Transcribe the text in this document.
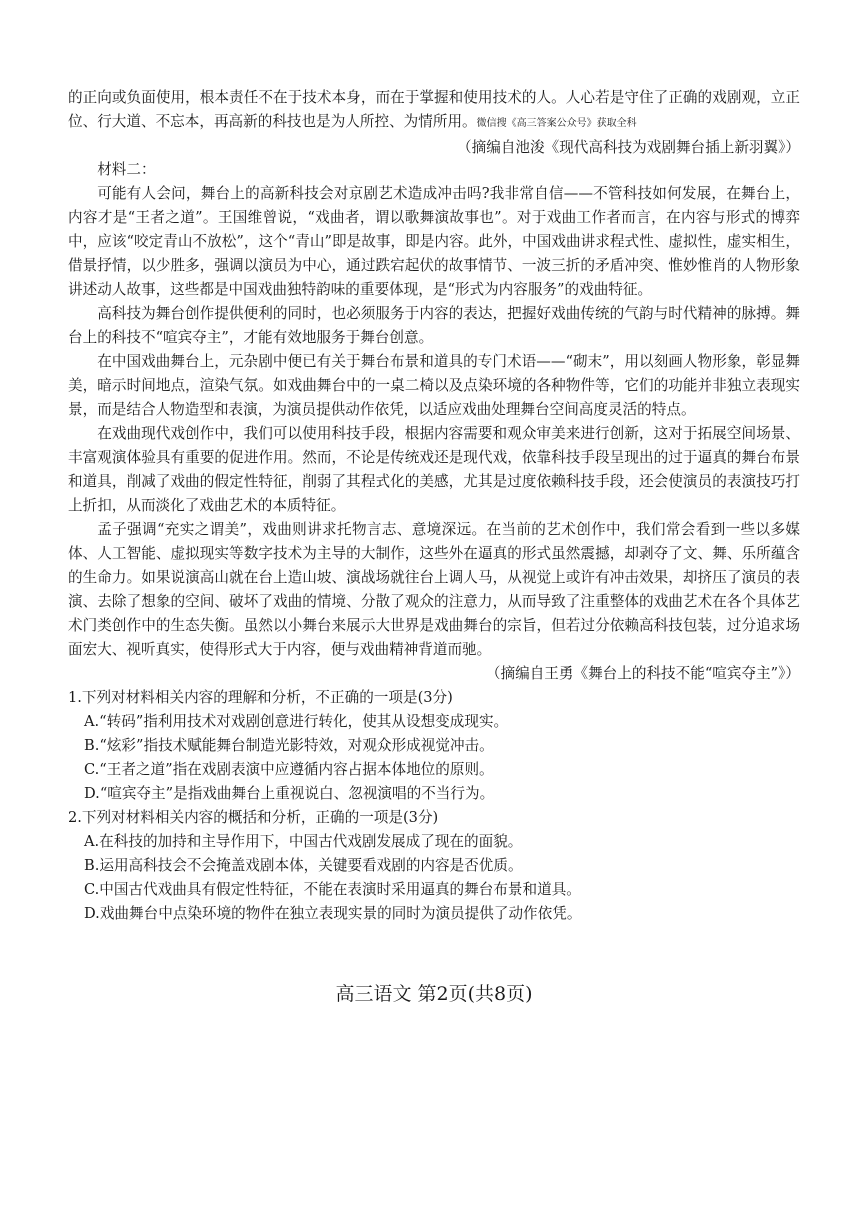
的正向或负面使用，根本责任不在于技术本身，而在于掌握和使用技术的人。人心若是守住了正确的戏剧观，立正位、行大道、不忘本，再高新的科技也是为人所控、为情所用。微信搜《高三答案公众号》获取全科

（摘编自池浚《现代高科技为戏剧舞台插上新羽翼》）

材料二：

可能有人会问，舞台上的高新科技会对京剧艺术造成冲击吗?我非常自信——不管科技如何发展，在舞台上，内容才是“王者之道”。王国维曾说，“戏曲者，谓以歌舞演故事也”。对于戏曲工作者而言，在内容与形式的博弈中，应该“咬定青山不放松”，这个“青山”即是故事，即是内容。此外，中国戏曲讲求程式性、虚拟性，虚实相生，借景抒情，以少胜多，强调以演员为中心，通过跌宕起伏的故事情节、一波三折的矛盾冲突、惟妙惟肖的人物形象讲述动人故事，这些都是中国戏曲独特韵味的重要体现，是“形式为内容服务”的戏曲特征。

高科技为舞台创作提供便利的同时，也必须服务于内容的表达，把握好戏曲传统的气韵与时代精神的脉搏。舞台上的科技不“喧宾夺主”，才能有效地服务于舞台创意。

在中国戏曲舞台上，元杂剧中便已有关于舞台布景和道具的专门术语——“砌末”，用以刻画人物形象，彰显舞美，暗示时间地点，渲染气氛。如戏曲舞台中的一桌二椅以及点染环境的各种物件等，它们的功能并非独立表现实景，而是结合人物造型和表演，为演员提供动作依凭，以适应戏曲处理舞台空间高度灵活的特点。

在戏曲现代戏创作中，我们可以使用科技手段，根据内容需要和观众审美来进行创新，这对于拓展空间场景、丰富观演体验具有重要的促进作用。然而，不论是传统戏还是现代戏，依靠科技手段呈现出的过于逼真的舞台布景和道具，削减了戏曲的假定性特征，削弱了其程式化的美感，尤其是过度依赖科技手段，还会使演员的表演技巧打上折扣，从而淡化了戏曲艺术的本质特征。

孟子强调“充实之谓美”，戏曲则讲求托物言志、意境深远。在当前的艺术创作中，我们常会看到一些以多媒体、人工智能、虚拟现实等数字技术为主导的大制作，这些外在逼真的形式虽然震撼，却剥夺了文、舞、乐所蕴含的生命力。如果说演高山就在台上造山坡、演战场就往台上调人马，从视觉上或许有冲击效果，却挤压了演员的表演、去除了想象的空间、破坏了戏曲的情境、分散了观众的注意力，从而导致了注重整体的戏曲艺术在各个具体艺术门类创作中的生态失衡。虽然以小舞台来展示大世界是戏曲舞台的宗旨，但若过分依赖高科技包装，过分追求场面宏大、视听真实，使得形式大于内容，便与戏曲精神背道而驰。

（摘编自王勇《舞台上的科技不能“喧宾夺主”》）

1.下列对材料相关内容的理解和分析，不正确的一项是(3分)

A.“转码”指利用技术对戏剧创意进行转化，使其从设想变成现实。

B.“炫彩”指技术赋能舞台制造光影特效，对观众形成视觉冲击。

C.“王者之道”指在戏剧表演中应遵循内容占据本体地位的原则。

D.“喧宾夺主”是指戏曲舞台上重视说白、忽视演唱的不当行为。

2.下列对材料相关内容的概括和分析，正确的一项是(3分)

A.在科技的加持和主导作用下，中国古代戏剧发展成了现在的面貌。

B.运用高科技会不会掩盖戏剧本体，关键要看戏剧的内容是否优质。

C.中国古代戏曲具有假定性特征，不能在表演时采用逼真的舞台布景和道具。

D.戏曲舞台中点染环境的物件在独立表现实景的同时为演员提供了动作依凭。

高三语文 第2页(共8页)
